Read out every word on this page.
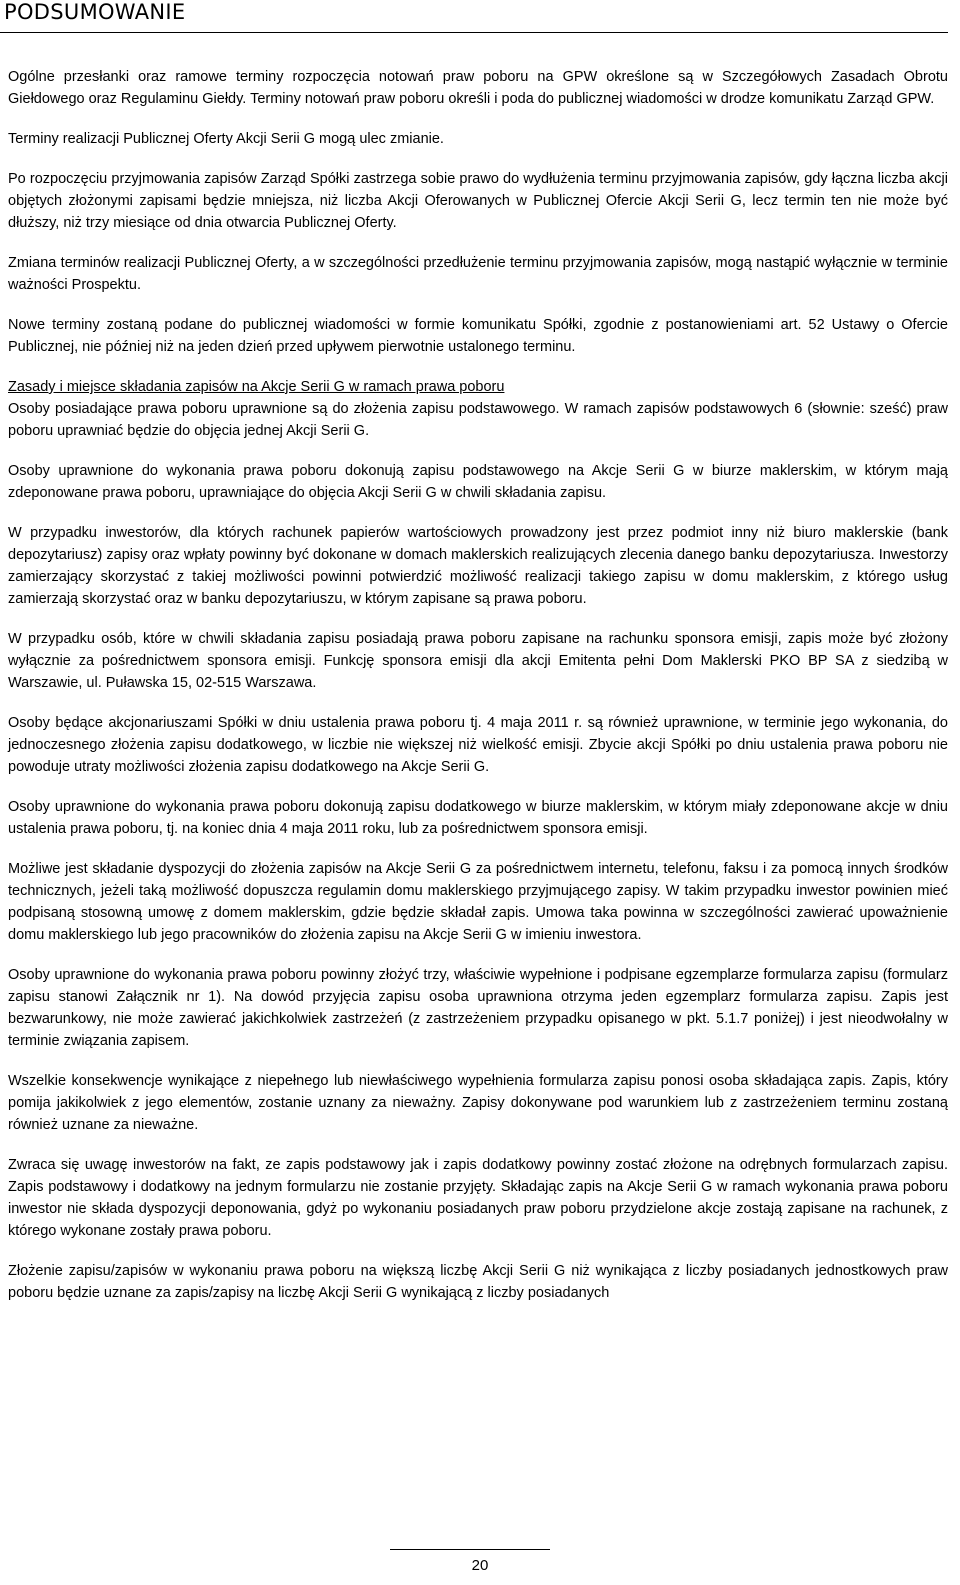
PODSUMOWANIE

Ogólne przesłanki oraz ramowe terminy rozpoczęcia notowań praw poboru na GPW określone są w Szczegółowych Zasadach Obrotu Giełdowego oraz Regulaminu Giełdy. Terminy notowań praw poboru określi i poda do publicznej wiadomości w drodze komunikatu Zarząd GPW.

Terminy realizacji Publicznej Oferty Akcji Serii G mogą ulec zmianie.

Po rozpoczęciu przyjmowania zapisów Zarząd Spółki zastrzega sobie prawo do wydłużenia terminu przyjmowania zapisów, gdy łączna liczba akcji objętych złożonymi zapisami będzie mniejsza, niż liczba Akcji Oferowanych w Publicznej Ofercie Akcji Serii G, lecz termin ten nie może być dłuższy, niż trzy miesiące od dnia otwarcia Publicznej Oferty.

Zmiana terminów realizacji Publicznej Oferty, a w szczególności przedłużenie terminu przyjmowania zapisów, mogą nastąpić wyłącznie w terminie ważności Prospektu.

Nowe terminy zostaną podane do publicznej wiadomości w formie komunikatu Spółki, zgodnie z postanowieniami art. 52 Ustawy o Ofercie Publicznej, nie później niż na jeden dzień przed upływem pierwotnie ustalonego terminu.

Zasady i miejsce składania zapisów na Akcje Serii G w ramach prawa poboru
Osoby posiadające prawa poboru uprawnione są do złożenia zapisu podstawowego. W ramach zapisów podstawowych 6 (słownie: sześć) praw poboru uprawniać będzie do objęcia jednej Akcji Serii G.

Osoby uprawnione do wykonania prawa poboru dokonują zapisu podstawowego na Akcje Serii G w biurze maklerskim, w którym mają zdeponowane prawa poboru, uprawniające do objęcia Akcji Serii G w chwili składania zapisu.

W przypadku inwestorów, dla których rachunek papierów wartościowych prowadzony jest przez podmiot inny niż biuro maklerskie (bank depozytariusz) zapisy oraz wpłaty powinny być dokonane w domach maklerskich realizujących zlecenia danego banku depozytariusza. Inwestorzy zamierzający skorzystać z takiej możliwości powinni potwierdzić możliwość realizacji takiego zapisu w domu maklerskim, z którego usług zamierzają skorzystać oraz w banku depozytariuszu, w którym zapisane są prawa poboru.

W przypadku osób, które w chwili składania zapisu posiadają prawa poboru zapisane na rachunku sponsora emisji, zapis może być złożony wyłącznie za pośrednictwem sponsora emisji. Funkcję sponsora emisji dla akcji Emitenta pełni Dom Maklerski PKO BP SA z siedzibą w Warszawie, ul. Puławska 15, 02-515 Warszawa.

Osoby będące akcjonariuszami Spółki w dniu ustalenia prawa poboru tj. 4 maja 2011 r. są również uprawnione, w terminie jego wykonania, do jednoczesnego złożenia zapisu dodatkowego, w liczbie nie większej niż wielkość emisji. Zbycie akcji Spółki po dniu ustalenia prawa poboru nie powoduje utraty możliwości złożenia zapisu dodatkowego na Akcje Serii G.

Osoby uprawnione do wykonania prawa poboru dokonują zapisu dodatkowego w biurze maklerskim, w którym miały zdeponowane akcje w dniu ustalenia prawa poboru, tj. na koniec dnia 4 maja 2011 roku, lub za pośrednictwem sponsora emisji.

Możliwe jest składanie dyspozycji do złożenia zapisów na Akcje Serii G za pośrednictwem internetu, telefonu, faksu i za pomocą innych środków technicznych, jeżeli taką możliwość dopuszcza regulamin domu maklerskiego przyjmującego zapisy. W takim przypadku inwestor powinien mieć podpisaną stosowną umowę z domem maklerskim, gdzie będzie składał zapis. Umowa taka powinna w szczególności zawierać upoważnienie domu maklerskiego lub jego pracowników do złożenia zapisu na Akcje Serii G w imieniu inwestora.

Osoby uprawnione do wykonania prawa poboru powinny złożyć trzy, właściwie wypełnione i podpisane egzemplarze formularza zapisu (formularz zapisu stanowi Załącznik nr 1). Na dowód przyjęcia zapisu osoba uprawniona otrzyma jeden egzemplarz formularza zapisu. Zapis jest bezwarunkowy, nie może zawierać jakichkolwiek zastrzeżeń (z zastrzeżeniem przypadku opisanego w pkt. 5.1.7 poniżej) i jest nieodwołalny w terminie związania zapisem.

Wszelkie konsekwencje wynikające z niepełnego lub niewłaściwego wypełnienia formularza zapisu ponosi osoba składająca zapis. Zapis, który pomija jakikolwiek z jego elementów, zostanie uznany za nieważny. Zapisy dokonywane pod warunkiem lub z zastrzeżeniem terminu zostaną również uznane za nieważne.

Zwraca się uwagę inwestorów na fakt, ze zapis podstawowy jak i zapis dodatkowy powinny zostać złożone na odrębnych formularzach zapisu. Zapis podstawowy i dodatkowy na jednym formularzu nie zostanie przyjęty. Składając zapis na Akcje Serii G w ramach wykonania prawa poboru inwestor nie składa dyspozycji deponowania, gdyż po wykonaniu posiadanych praw poboru przydzielone akcje zostają zapisane na rachunek, z którego wykonane zostały prawa poboru.

Złożenie zapisu/zapisów w wykonaniu prawa poboru na większą liczbę Akcji Serii G niż wynikająca z liczby posiadanych jednostkowych praw poboru będzie uznane za zapis/zapisy na liczbę Akcji Serii G wynikającą z liczby posiadanych

20
